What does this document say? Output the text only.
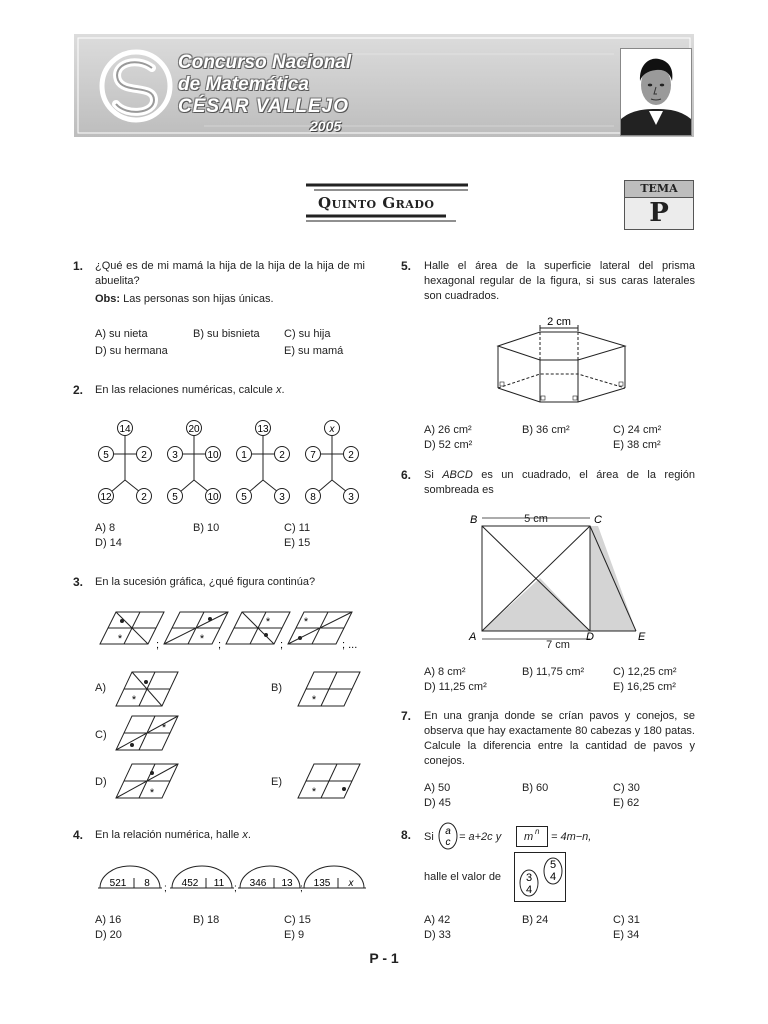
Concurso Nacional
de Matemática
CÉSAR VALLEJO
2005
Quinto Grado
TEMA
P
1. ¿Qué es de mi mamá la hija de la hija de la hija de mi abuelita?
Obs: Las personas son hijas únicas.
A) su nieta	B) su bisnieta C) su hija
D) su hermana	E) su mamá
2. En las relaciones numéricas, calcule x.
14
5	2
12	2
20
3	10
5	10
13
1	2
5	3
x
7	2
8	3
A) 8	B) 10	C) 11
D) 14	E) 15
3. En la sucesión gráfica, ¿qué figura continúa?
*	;	* ;
*
;
*
; ...
A)
*
B)
*
C)
*
D)
*
E)
*
4. En la relación numérica, halle x.
521 8 ; 452 11 ; 346 13 ; 135 x
A) 16	B) 18	C) 15
D) 20	E) 9
5. Halle el área de la superficie lateral del prisma hexagonal regular de la figura, si sus caras laterales son cuadrados.
2 cm
A) 26 cm²	B) 36 cm²	C) 24 cm²
D) 52 cm²	E) 38 cm²
6. Si ABCD es un cuadrado, el área de la región sombreada es
5 cm
7 cm
B	C
A	D	E
A) 8 cm²	B) 11,75 cm²	C) 12,25 cm²
D) 11,25 cm²	E) 16,25 cm²
7. En una granja donde se crían pavos y conejos, se observa que hay exactamente 80 cabezas y 180 patas. Calcule la diferencia entre la cantidad de pavos y conejos.
A) 50	B) 60	C) 30
D) 45	E) 62
8. Si a
c = a+2c y m n = 4m−n,
halle el valor de 3
4
5
4
A) 42	B) 24	C) 31
D) 33	E) 34
P - 1
